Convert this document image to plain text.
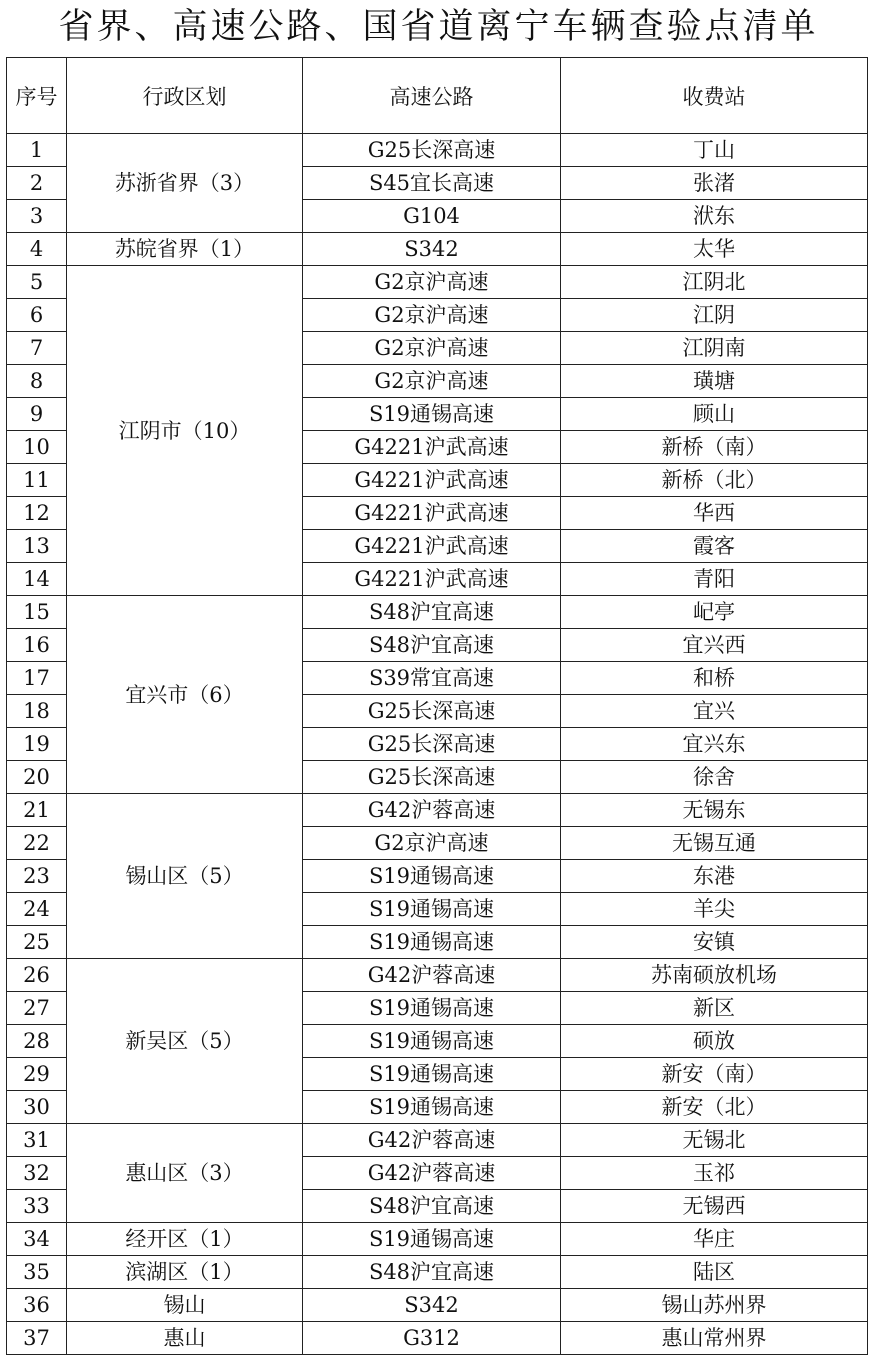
省界、高速公路、国省道离宁车辆查验点清单
序号	行政区划	高速公路	收费站
1	苏浙省界（3）	G25长深高速	丁山
2		S45宜长高速	张渚
3		G104	洑东
4	苏皖省界（1）	S342	太华
5	江阴市（10）	G2京沪高速	江阴北
6		G2京沪高速	江阴
7		G2京沪高速	江阴南
8		G2京沪高速	璜塘
9		S19通锡高速	顾山
10		G4221沪武高速	新桥（南）
11		G4221沪武高速	新桥（北）
12		G4221沪武高速	华西
13		G4221沪武高速	霞客
14		G4221沪武高速	青阳
15	宜兴市（6）	S48沪宜高速	屺亭
16		S48沪宜高速	宜兴西
17		S39常宜高速	和桥
18		G25长深高速	宜兴
19		G25长深高速	宜兴东
20		G25长深高速	徐舍
21	锡山区（5）	G42沪蓉高速	无锡东
22		G2京沪高速	无锡互通
23		S19通锡高速	东港
24		S19通锡高速	羊尖
25		S19通锡高速	安镇
26	新吴区（5）	G42沪蓉高速	苏南硕放机场
27		S19通锡高速	新区
28		S19通锡高速	硕放
29		S19通锡高速	新安（南）
30		S19通锡高速	新安（北）
31	惠山区（3）	G42沪蓉高速	无锡北
32		G42沪蓉高速	玉祁
33		S48沪宜高速	无锡西
34	经开区（1）	S19通锡高速	华庄
35	滨湖区（1）	S48沪宜高速	陆区
36	锡山	S342	锡山苏州界
37	惠山	G312	惠山常州界
